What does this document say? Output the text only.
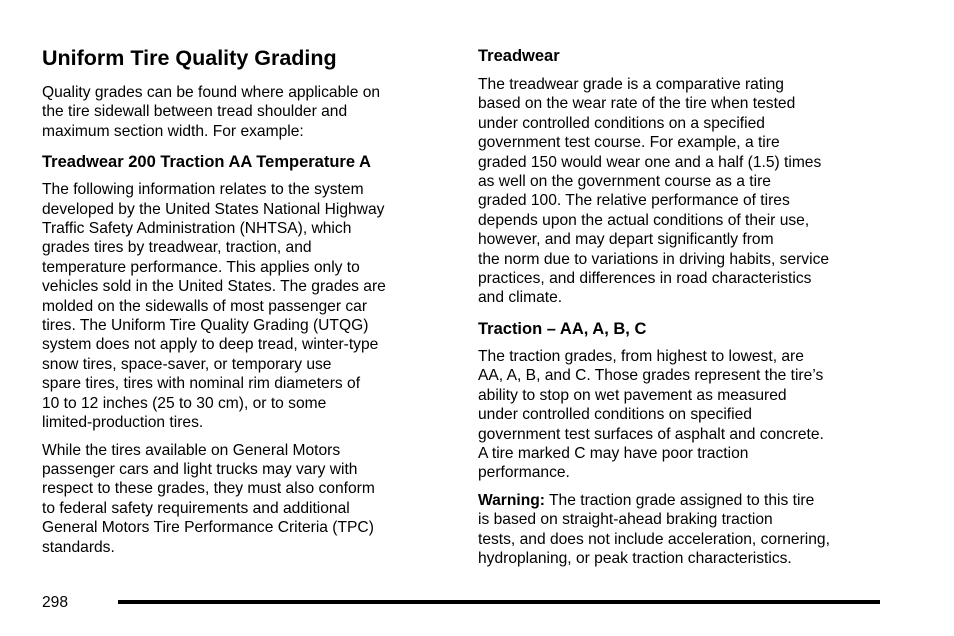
Uniform Tire Quality Grading
Quality grades can be found where applicable on
the tire sidewall between tread shoulder and
maximum section width. For example:
Treadwear 200 Traction AA Temperature A
The following information relates to the system
developed by the United States National Highway
Traffic Safety Administration (NHTSA), which
grades tires by treadwear, traction, and
temperature performance. This applies only to
vehicles sold in the United States. The grades are
molded on the sidewalls of most passenger car
tires. The Uniform Tire Quality Grading (UTQG)
system does not apply to deep tread, winter-type
snow tires, space-saver, or temporary use
spare tires, tires with nominal rim diameters of
10 to 12 inches (25 to 30 cm), or to some
limited-production tires.
While the tires available on General Motors
passenger cars and light trucks may vary with
respect to these grades, they must also conform
to federal safety requirements and additional
General Motors Tire Performance Criteria (TPC)
standards.
Treadwear
The treadwear grade is a comparative rating
based on the wear rate of the tire when tested
under controlled conditions on a specified
government test course. For example, a tire
graded 150 would wear one and a half (1.5) times
as well on the government course as a tire
graded 100. The relative performance of tires
depends upon the actual conditions of their use,
however, and may depart significantly from
the norm due to variations in driving habits, service
practices, and differences in road characteristics
and climate.
Traction – AA, A, B, C
The traction grades, from highest to lowest, are
AA, A, B, and C. Those grades represent the tire’s
ability to stop on wet pavement as measured
under controlled conditions on specified
government test surfaces of asphalt and concrete.
A tire marked C may have poor traction
performance.
Warning: The traction grade assigned to this tire
is based on straight-ahead braking traction
tests, and does not include acceleration, cornering,
hydroplaning, or peak traction characteristics.
298
